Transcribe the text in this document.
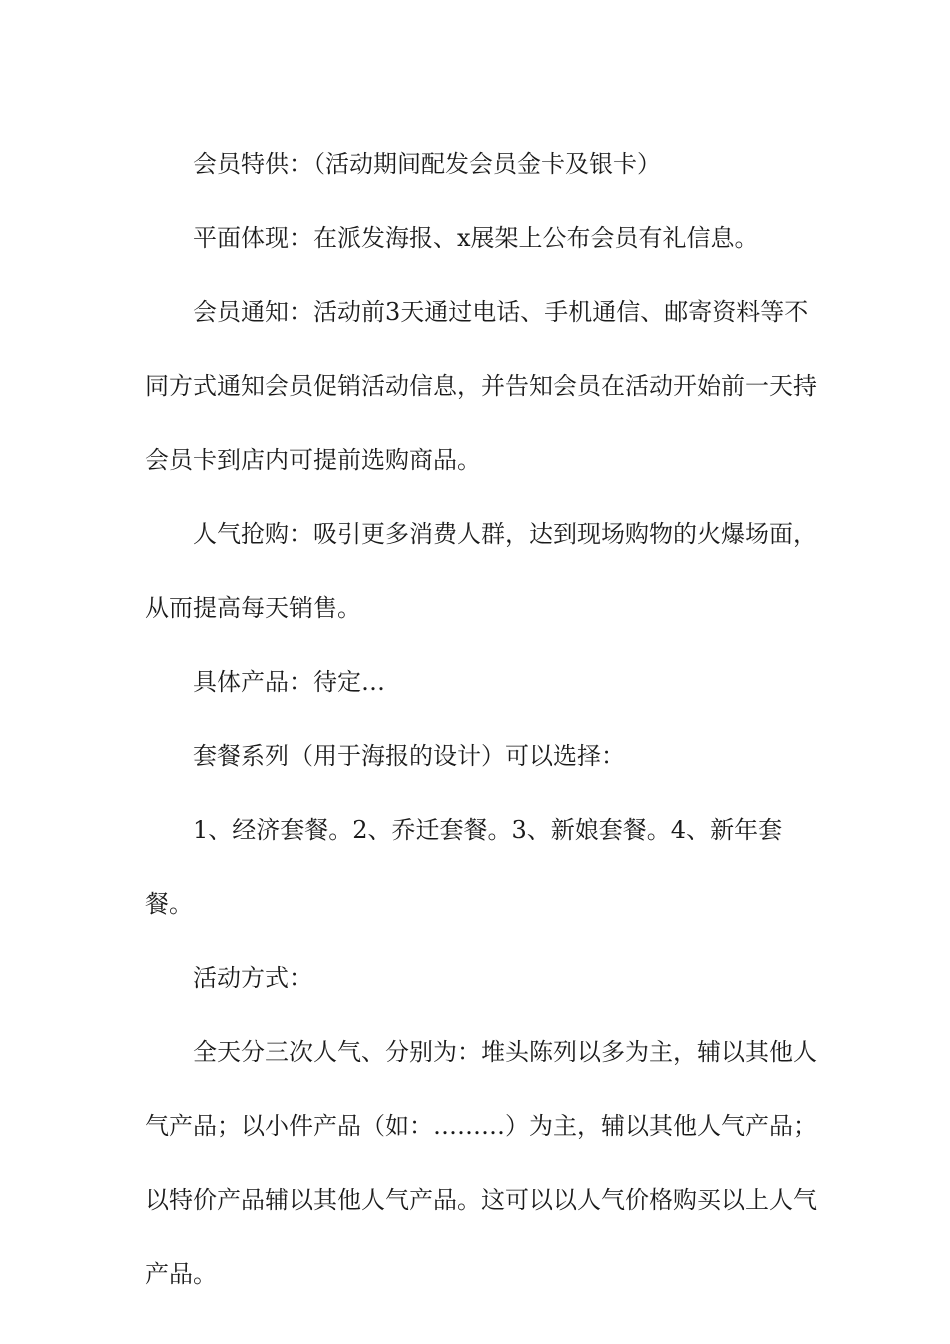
会员特供：（活动期间配发会员金卡及银卡）

平面体现：在派发海报、x展架上公布会员有礼信息。

会员通知：活动前3天通过电话、手机通信、邮寄资料等不同方式通知会员促销活动信息，并告知会员在活动开始前一天持会员卡到店内可提前选购商品。

人气抢购：吸引更多消费人群，达到现场购物的火爆场面，从而提高每天销售。

具体产品：待定…

套餐系列（用于海报的设计）可以选择：

1、经济套餐。2、乔迁套餐。3、新娘套餐。4、新年套餐。

活动方式：

全天分三次人气、分别为：堆头陈列以多为主，辅以其他人气产品；以小件产品（如：………）为主，辅以其他人气产品；以特价产品辅以其他人气产品。这可以以人气价格购买以上人气产品。
